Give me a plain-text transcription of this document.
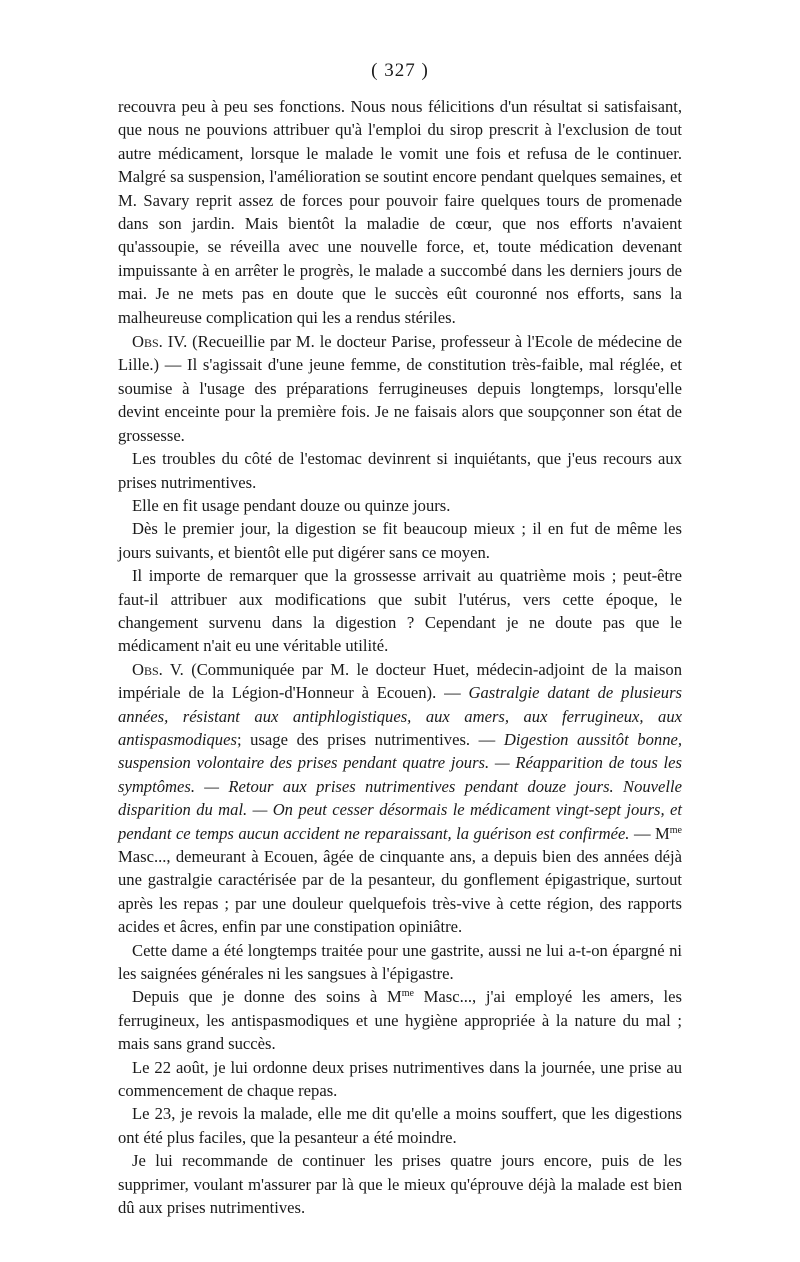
( 327 )

recouvra peu à peu ses fonctions. Nous nous félicitions d'un résultat si satisfaisant, que nous ne pouvions attribuer qu'à l'emploi du sirop prescrit à l'exclusion de tout autre médicament, lorsque le malade le vomit une fois et refusa de le continuer. Malgré sa suspension, l'amélioration se soutint encore pendant quelques semaines, et M. Savary reprit assez de forces pour pouvoir faire quelques tours de promenade dans son jardin. Mais bientôt la maladie de cœur, que nos efforts n'avaient qu'assoupie, se réveilla avec une nouvelle force, et, toute médication devenant impuissante à en arrêter le progrès, le malade a succombé dans les derniers jours de mai. Je ne mets pas en doute que le succès eût couronné nos efforts, sans la malheureuse complication qui les a rendus stériles.

Obs. IV. (Recueillie par M. le docteur Parise, professeur à l'Ecole de médecine de Lille.) — Il s'agissait d'une jeune femme, de constitution très-faible, mal réglée, et soumise à l'usage des préparations ferrugineuses depuis longtemps, lorsqu'elle devint enceinte pour la première fois. Je ne faisais alors que soupçonner son état de grossesse.

Les troubles du côté de l'estomac devinrent si inquiétants, que j'eus recours aux prises nutrimentives.

Elle en fit usage pendant douze ou quinze jours.

Dès le premier jour, la digestion se fit beaucoup mieux ; il en fut de même les jours suivants, et bientôt elle put digérer sans ce moyen.

Il importe de remarquer que la grossesse arrivait au quatrième mois ; peut-être faut-il attribuer aux modifications que subit l'utérus, vers cette époque, le changement survenu dans la digestion ? Cependant je ne doute pas que le médicament n'ait eu une véritable utilité.

Obs. V. (Communiquée par M. le docteur Huet, médecin-adjoint de la maison impériale de la Légion-d'Honneur à Ecouen). — Gastralgie datant de plusieurs années, résistant aux antiphlogistiques, aux amers, aux ferrugineux, aux antispasmodiques; usage des prises nutrimentives. — Digestion aussitôt bonne, suspension volontaire des prises pendant quatre jours. — Réapparition de tous les symptômes. — Retour aux prises nutrimentives pendant douze jours. Nouvelle disparition du mal. — On peut cesser désormais le médicament vingt-sept jours, et pendant ce temps aucun accident ne reparaissant, la guérison est confirmée. — $M^{me}$ Masc..., demeurant à Ecouen, âgée de cinquante ans, a depuis bien des années déjà une gastralgie caractérisée par de la pesanteur, du gonflement épigastrique, surtout après les repas ; par une douleur quelquefois très-vive à cette région, des rapports acides et âcres, enfin par une constipation opiniâtre.

Cette dame a été longtemps traitée pour une gastrite, aussi ne lui a-t-on épargné ni les saignées générales ni les sangsues à l'épigastre.

Depuis que je donne des soins à $M^{me}$ Masc..., j'ai employé les amers, les ferrugineux, les antispasmodiques et une hygiène appropriée à la nature du mal ; mais sans grand succès.

Le 22 août, je lui ordonne deux prises nutrimentives dans la journée, une prise au commencement de chaque repas.

Le 23, je revois la malade, elle me dit qu'elle a moins souffert, que les digestions ont été plus faciles, que la pesanteur a été moindre.

Je lui recommande de continuer les prises quatre jours encore, puis de les supprimer, voulant m'assurer par là que le mieux qu'éprouve déjà la malade est bien dû aux prises nutrimentives.
